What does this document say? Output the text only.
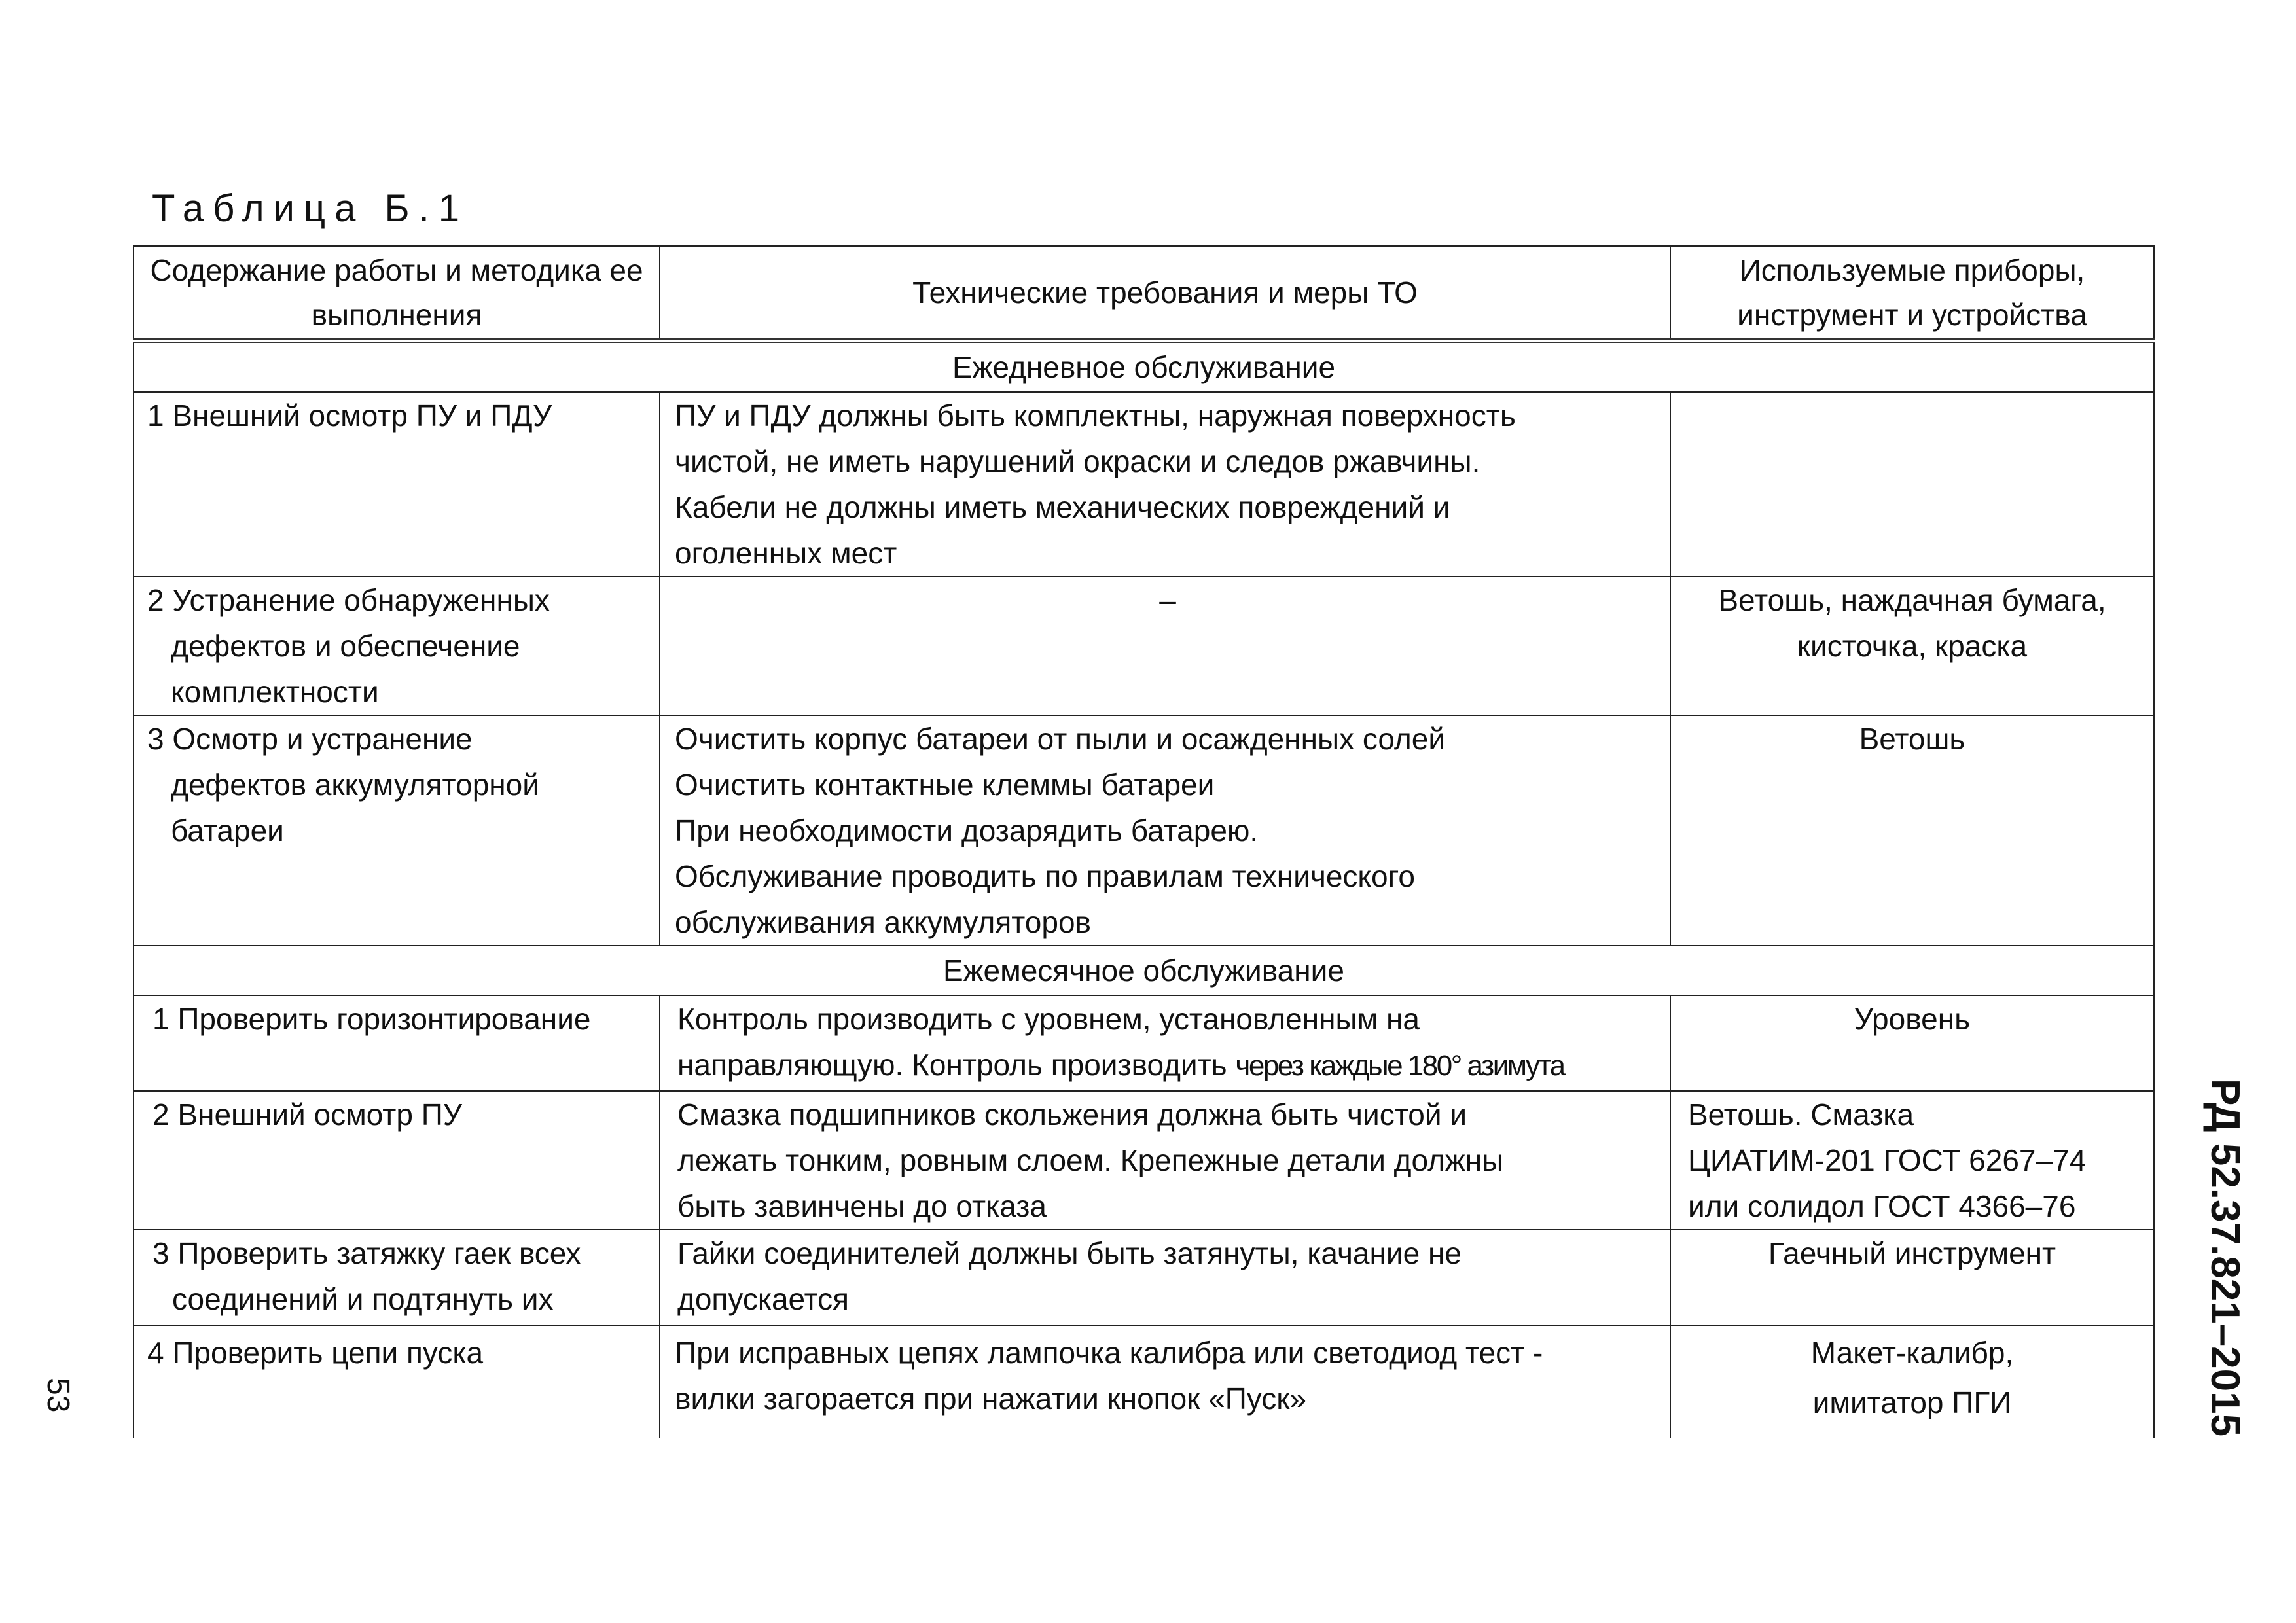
Таблица Б.1
Содержание работы и методика ее выполнения	Технические требования и меры ТО	Используемые приборы, инструмент и устройства
Ежедневное обслуживание		

1 Внешний осмотр ПУ и ПДУ	ПУ и ПДУ должны быть комплектны, наружная поверхность
чистой, не иметь нарушений окраски и следов ржавчины.
Кабели не должны иметь механических повреждений и
оголенных мест	

2 Устранение обнаруженных
дефектов и обеспечение
комплектности	–	Ветошь, наждачная бумага,
кисточка, краска

3 Осмотр и устранение
дефектов аккумуляторной
батареи	Очистить корпус батареи от пыли и осажденных солей
Очистить контактные клеммы батареи
При необходимости дозарядить батарею.
Обслуживание проводить по правилам технического
обслуживания аккумуляторов	Ветошь

Ежемесячное обслуживание		

1 Проверить горизонтирование	Контроль производить с уровнем, установленным на
направляющую. Контроль производить через каждые 180° азимута	Уровень

2 Внешний осмотр ПУ	Смазка подшипников скольжения должна быть чистой и
лежать тонким, ровным слоем. Крепежные детали должны
быть завинчены до отказа	Ветошь. Смазка
ЦИАТИМ-201 ГОСТ 6267–74
или солидол ГОСТ 4366–76

3 Проверить затяжку гаек всех
соединений и подтянуть их	Гайки соединителей должны быть затянуты, качание не
допускается	Гаечный инструмент

4 Проверить цепи пуска	При исправных цепях лампочка калибра или светодиод тест -
вилки загорается при нажатии кнопок «Пуск»	Макет-калибр,
имитатор ПГИ	РД 52.37.821–2015
53
